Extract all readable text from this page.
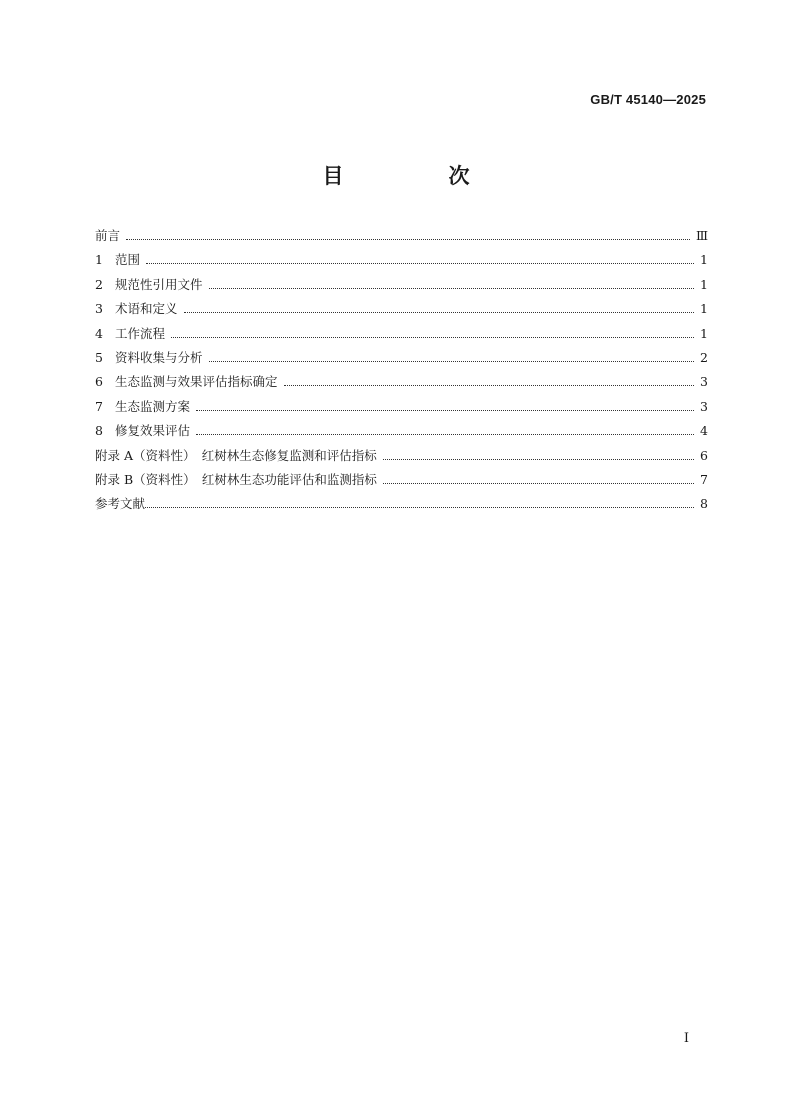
GB/T 45140—2025
目　次
前言	Ⅲ
1 范围	1
2 规范性引用文件	1
3 术语和定义	1
4 工作流程	1
5 资料收集与分析	2
6 生态监测与效果评估指标确定	3
7 生态监测方案	3
8 修复效果评估	4
附录 A（资料性）　红树林生态修复监测和评估指标	6
附录 B（资料性）　红树林生态功能评估和监测指标	7
参考文献	8
I
